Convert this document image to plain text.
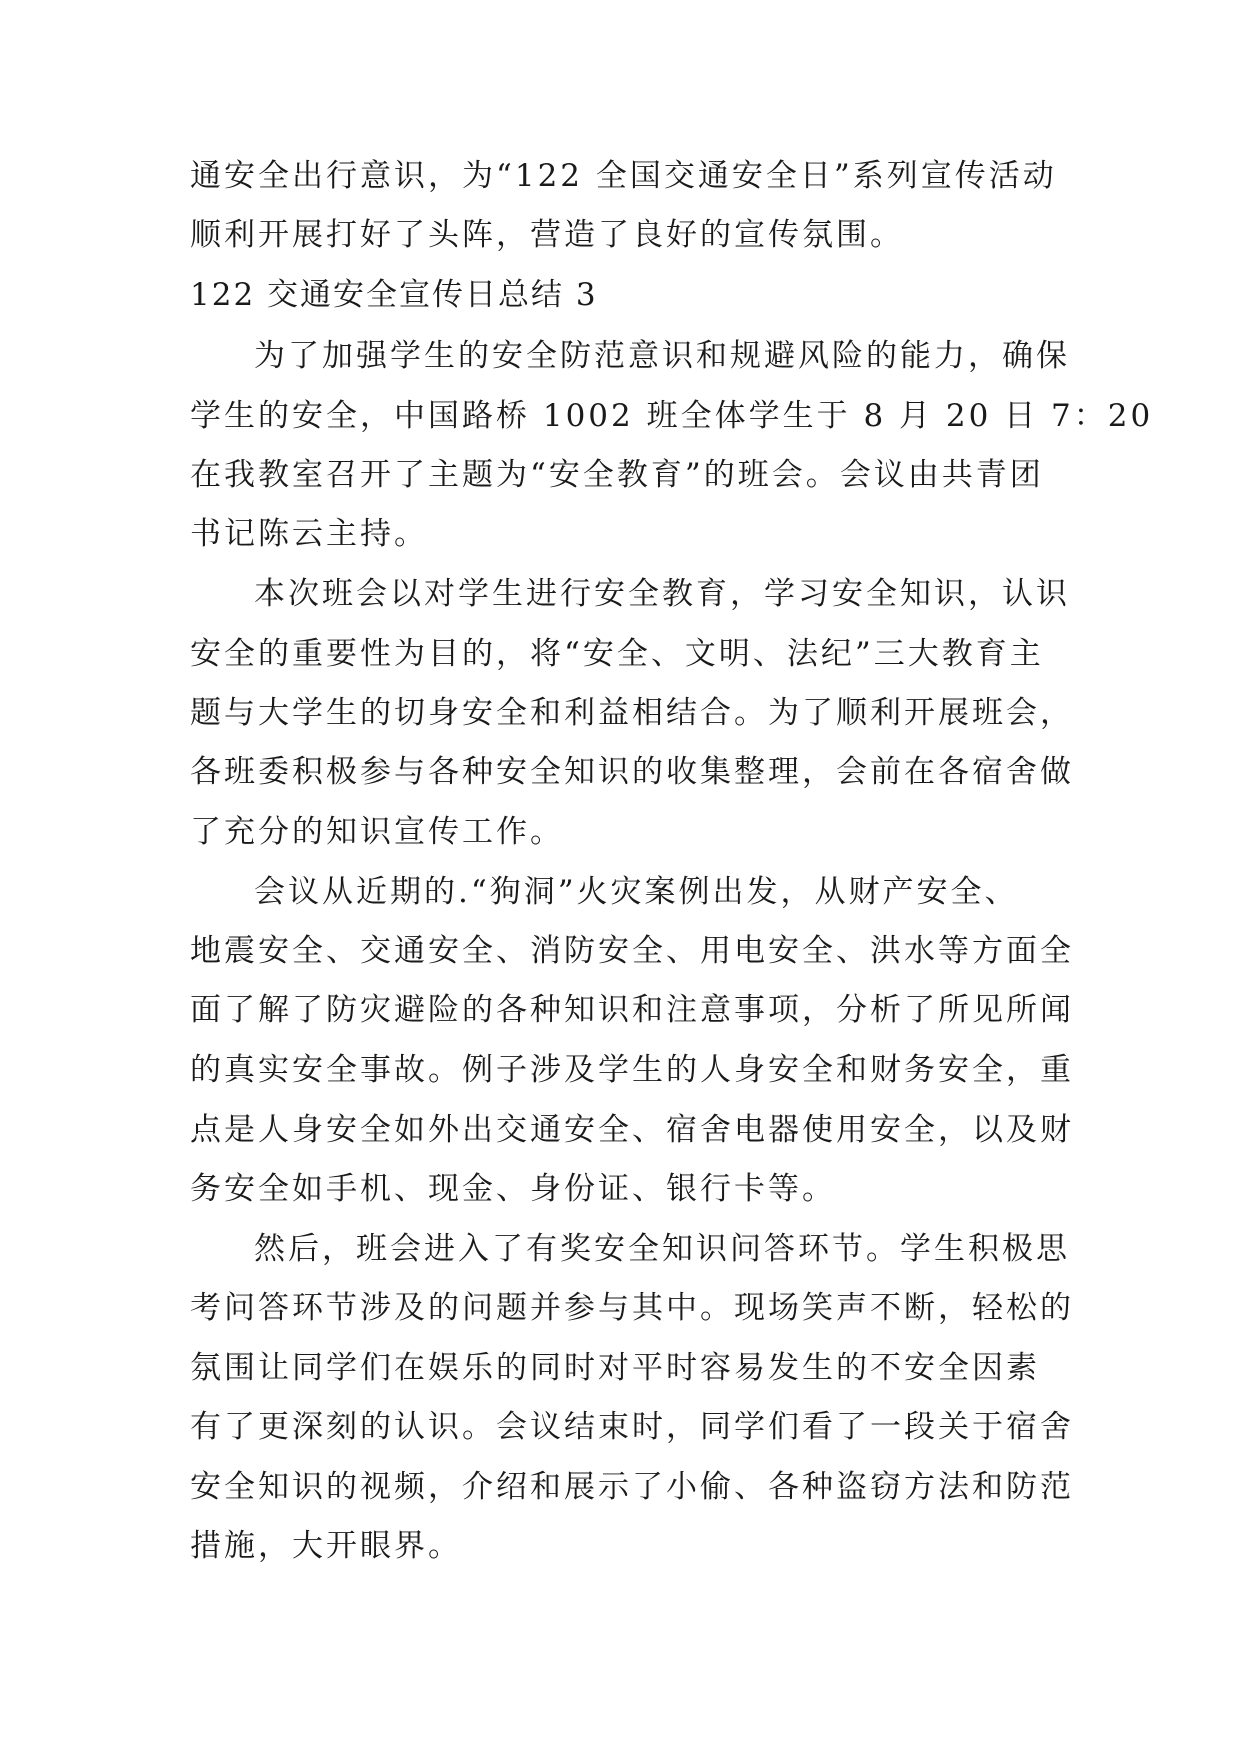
通安全出行意识，为“122 全国交通安全日”系列宣传活动

顺利开展打好了头阵，营造了良好的宣传氛围。

122 交通安全宣传日总结 3

为了加强学生的安全防范意识和规避风险的能力，确保

学生的安全，中国路桥 1002 班全体学生于 8 月 20 日 7：20

在我教室召开了主题为“安全教育”的班会。会议由共青团

书记陈云主持。

本次班会以对学生进行安全教育，学习安全知识，认识

安全的重要性为目的，将“安全、文明、法纪”三大教育主

题与大学生的切身安全和利益相结合。为了顺利开展班会，

各班委积极参与各种安全知识的收集整理，会前在各宿舍做

了充分的知识宣传工作。

会议从近期的.“狗洞”火灾案例出发，从财产安全、

地震安全、交通安全、消防安全、用电安全、洪水等方面全

面了解了防灾避险的各种知识和注意事项，分析了所见所闻

的真实安全事故。例子涉及学生的人身安全和财务安全，重

点是人身安全如外出交通安全、宿舍电器使用安全，以及财

务安全如手机、现金、身份证、银行卡等。

然后，班会进入了有奖安全知识问答环节。学生积极思

考问答环节涉及的问题并参与其中。现场笑声不断，轻松的

氛围让同学们在娱乐的同时对平时容易发生的不安全因素

有了更深刻的认识。会议结束时，同学们看了一段关于宿舍

安全知识的视频，介绍和展示了小偷、各种盗窃方法和防范

措施，大开眼界。
